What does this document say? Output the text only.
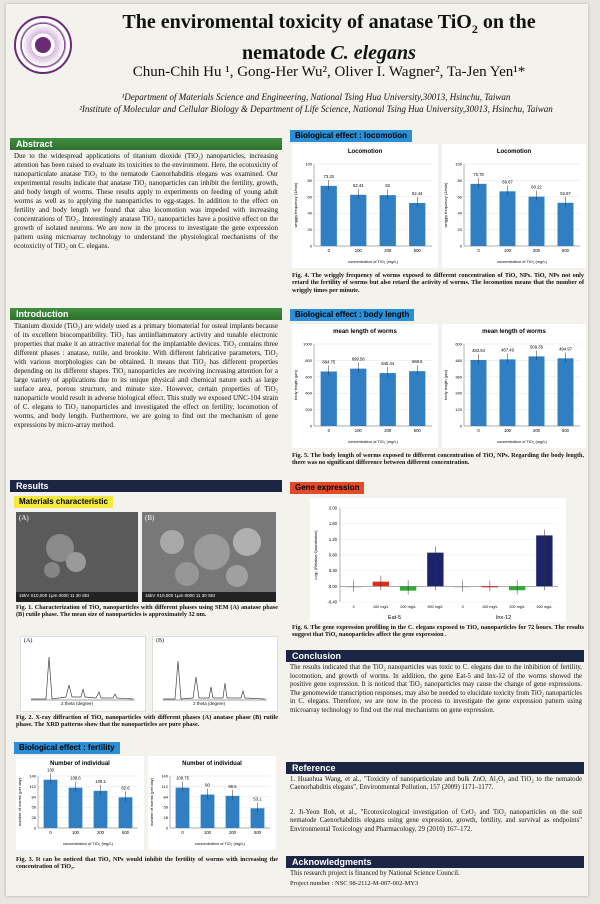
The enviromental toxicity of anatase TiO$_2$ on the
nematode C. elegans
Chun-Chih Hu ¹, Gong-Her Wu², Oliver I. Wagner², Ta-Jen Yen¹*
¹Department of Materials Science and Engineering, National Tsing Hua University,30013, Hsinchu, Taiwan
²Institute of Molecular and Cellular Biology & Department of Life Science, National Tsing Hua University,30013, Hsinchu, Taiwan
Abstract
Due to the widespread applications of titanium dioxide (TiO₂) nanoparticles, increasing attention has been raised to evaluate its toxicities to the environment. Here, the ecotoxicity of nanoparticulate anatase TiO₂ to the nematode Caenorhabditis elegans was examined. Our experimental results indicate that anatase TiO₂ nanoparticles can inhibit the fertility, growth, and body length of worms. These results apply to experiments on feeding of young adult worms as well as to applying the nanoparticles to egg-stages. In addition to the effect on fertility and body length we found that also locomotion was impeded with increasing concentrations of TiO₂. Interestingly anatase TiO₂ nanoparticles have a positive effect on the growth of isolated neurons. We are now in the process to investigate the gene expression pattern using microarray technology to understand the physiological mechanisms of the ecotoxicity of TiO₂ on C. elegans.
Introduction
Titanium dioxide (TiO₂) are widely used as a primary biomaterial for osteal implants because of its excellent biocompatibility. TiO₂ has antiinflammatory activity and tunable electronic properties that make it an attractive material for the implantable devices. TiO₂ contains three different phases : anatase, rutile, and brookite. With different fabricative parameters, TiO₂ with various morphologies can be obtained. It means that TiO₂ has different properties depending on its different shapes. TiO₂ nanoparticles are receiving increasing attention for a large variety of applications due to its unique physical and chemical nature such as large surface area, porous structure, and minute size. However, certain properties of TiO₂ nanoparticle would result in adverse biological effect. This study we exposed UNC-104 strain of C. elegans to TiO₂ nanoparticles and investigated the effect on fertility, locomotion of worms, and body length. Furthermore, we are going to find out the mechanism of gene expressions by micro-array method.
Results
Materials characteristic
(A)
15kV X10,000 1μm 0000 11 30 SEI
(B)
15kV X10,000 1μm 0000 11 30 SEI
Fig. 1. Characterization of TiO₂ nanoparticles with different phases using SEM (A) anatase phase (B) rutile phase. The mean size of nanoparticles is approximately 32 nm.
(A)
2 theta (degree)
(B)
2 theta (degree)
Fig. 2. X-ray diffraction of TiO₂ nanoparticles with different phases (A) anatase phase (B) rutile phase. The XRD patterns show that the nanoparticles are pure phase.
Biological effect : fertility
Number of individual
0
28
56
84
112
140
130
0
108.6
100
100.1
200
82.6
500
concentration of TiO₂ (mg/L)
number of worms (per day)
Number of individual
0
28
56
84
112
140 108.75
0
90
100
86.5
200
53.1
500
concentration of TiO₂ (mg/L)
number of worms (per day)
Fig. 3. It can be noticed that TiO₂ NPs would inhibit the fertility of worms with increasing the concentration of TiO₂.
Biological effect : locomotion
Locomotion
0
20
40
60
80
100
73.33
0
62.44
100
62
200
52.44
500
concentration of TiO₂ (mg/L)
wriggly frequency (1/min)
Locomotion
0
20
40
60
80
100
75.78
0
66.67
100
60.22
200
52.67
500
concentration of TiO₂ (mg/L)
wriggly frequency (1/min)
Fig. 4. The wriggly frequency of worms exposed to different concentration of TiO₂ NPs. TiO₂ NPs not only retard the fertility of worms but also retard the activity of worms. The locomotion means that the number of wriggly times per minute.
Biological effect : body length
mean length of worms
0
200
400
600
800
1000
664.75
0
699.56
100
645.44
200
668.6
500
concentration of TiO₂ (mg/L)
body length (μm)
mean length of worms
0
120
240
360
480
600
483.54
0
487.49
100
509.35
200
494.97
500
concentration of TiO₂ (mg/L)
body length (μm)
Fig. 5. The body length of worms exposed to different concentration of TiO₂ NPs. Regarding the body length, there was no significant difference between different concentration.
Gene expression
-0.40
0.00
0.40
0.80
1.20
1.60
2.00
0	100 mg/L	200 mg/L	500 mg/L
Eat-5
0	100 mg/L	200 mg/L	500 mg/L
Inx-12
Log₂ (Relative Quantitation)
Fig. 6. The gene expression profiling in the C. elegans exposed to TiO₂ nanoparticles for 72 hours. The results suggest that TiO₂ nanoparticles affect the gene expression .
Conclusion
The results indicated that the TiO₂ nanoparticles was toxic to C. elegans due to the inhibition of fertility, locomotion, and growth of worms. In addition, the gene Eat-5 and Inx-12 of the worms showed the positive gene expression. It is noticed that TiO₂ nanoparticles may cause the change of gene expressions. The genomewide transcription responses, may also be needed to elucidate toxicity from TiO₂ nanoparticles in C. elegans. Therefore, we are now in the process to investigate the gene expression pattern using microarray technology to find out the real mechanisms on gene expression.
Reference
1. Huanhua Wang, et al., "Toxicity of nanoparticulate and bulk ZnO, Al₂O₃ and TiO₂ to the nematode Caenorhabditis elegans", Environmental Pollution, 157 (2009) 1171–1177.
2. Ji-Yeon Roh, et al., "Ecotoxicological investigation of CeO₂ and TiO₂ nanoparticles on the soil nematode Caenorhabditis elegans using gene expression, growth, fertility, and survival as endpoints" Environmental Toxicology and Pharmacology, 29 (2010) 167–172.
Acknowledgments
This research project is financed by National Science Council.
Project number : NSC 98-2112-M-007-002-MY3
